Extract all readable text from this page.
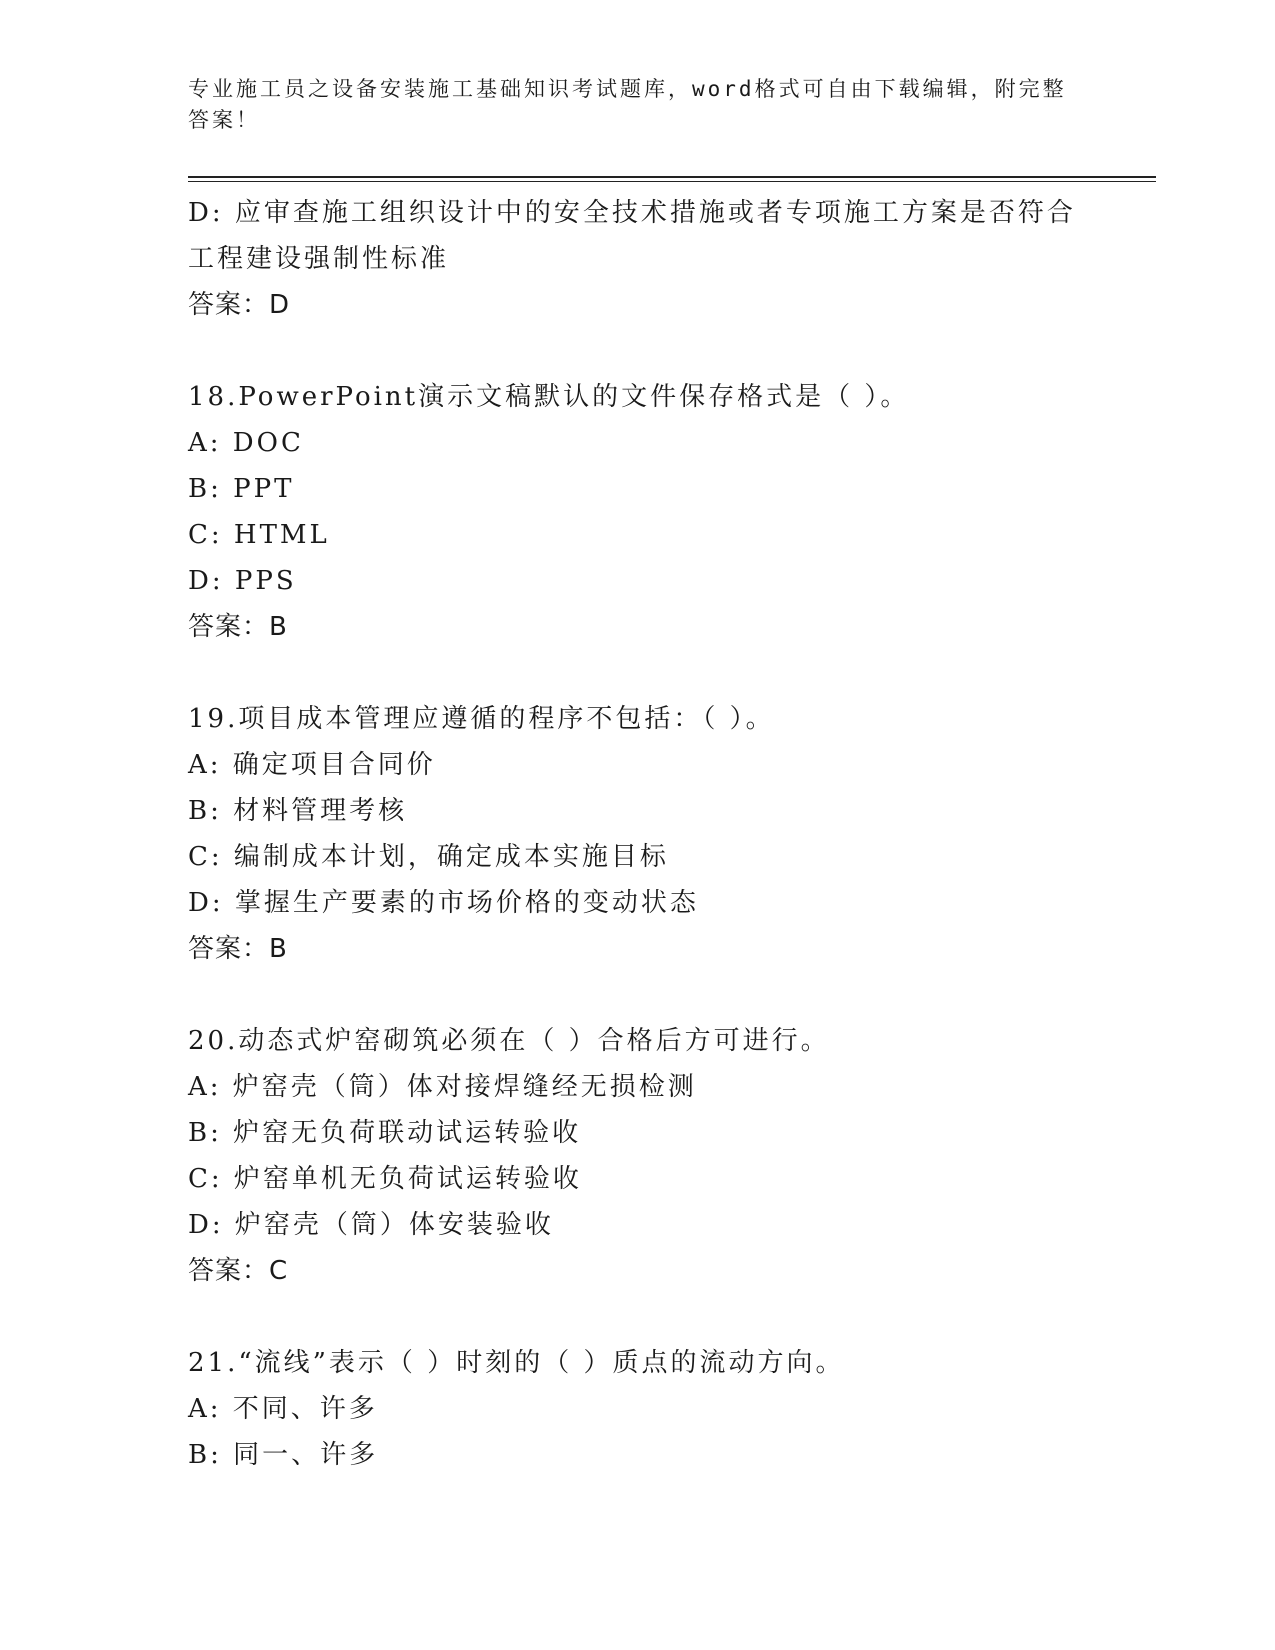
专业施工员之设备安装施工基础知识考试题库，word格式可自由下载编辑，附完整答案！
D: 应审查施工组织设计中的安全技术措施或者专项施工方案是否符合
工程建设强制性标准
答案：D
18.PowerPoint演示文稿默认的文件保存格式是（ ）。
A: DOC
B: PPT
C: HTML
D: PPS
答案：B
19.项目成本管理应遵循的程序不包括：（ ）。
A: 确定项目合同价
B: 材料管理考核
C: 编制成本计划，确定成本实施目标
D: 掌握生产要素的市场价格的变动状态
答案：B
20.动态式炉窑砌筑必须在（ ）合格后方可进行。
A: 炉窑壳（筒）体对接焊缝经无损检测
B: 炉窑无负荷联动试运转验收
C: 炉窑单机无负荷试运转验收
D: 炉窑壳（筒）体安装验收
答案：C
21.“流线”表示（ ）时刻的（ ）质点的流动方向。
A: 不同、许多
B: 同一、许多
